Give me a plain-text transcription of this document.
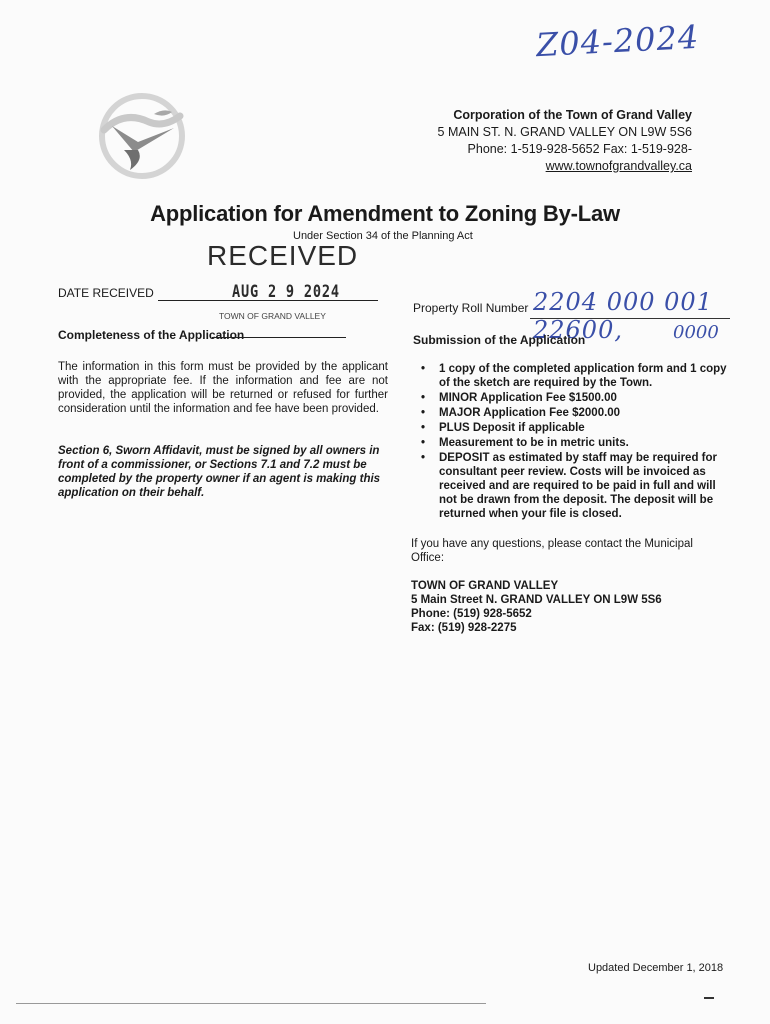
Z04-2024
Corporation of the Town of Grand Valley
5 MAIN ST. N. GRAND VALLEY ON L9W 5S6
Phone: 1-519-928-5652 Fax: 1-519-928-
www.townofgrandvalley.ca
Application for Amendment to Zoning By-Law
Under Section 34 of the Planning Act
RECEIVED
DATE RECEIVED	AUG 2 9 2024
TOWN OF GRAND VALLEY
Completeness of the Application
The information in this form must be provided by the applicant with the appropriate fee. If the information and fee are not provided, the application will be returned or refused for further consideration until the information and fee have been provided.
Section 6, Sworn Affidavit, must be signed by all owners in front of a commissioner, or Sections 7.1 and 7.2 must be completed by the property owner if an agent is making this application on their behalf.
Property Roll Number 2204 000 001 22600,	0000
Submission of the Application
• 1 copy of the completed application form and 1 copy of the sketch are required by the Town.
• MINOR Application Fee $1500.00
• MAJOR Application Fee $2000.00
• PLUS Deposit if applicable
• Measurement to be in metric units.
• DEPOSIT as estimated by staff may be required for consultant peer review. Costs will be invoiced as received and are required to be paid in full and will not be drawn from the deposit. The deposit will be returned when your file is closed.
If you have any questions, please contact the Municipal Office:
TOWN OF GRAND VALLEY
5 Main Street N. GRAND VALLEY ON L9W 5S6
Phone: (519) 928-5652
Fax: (519) 928-2275
Updated December 1, 2018
